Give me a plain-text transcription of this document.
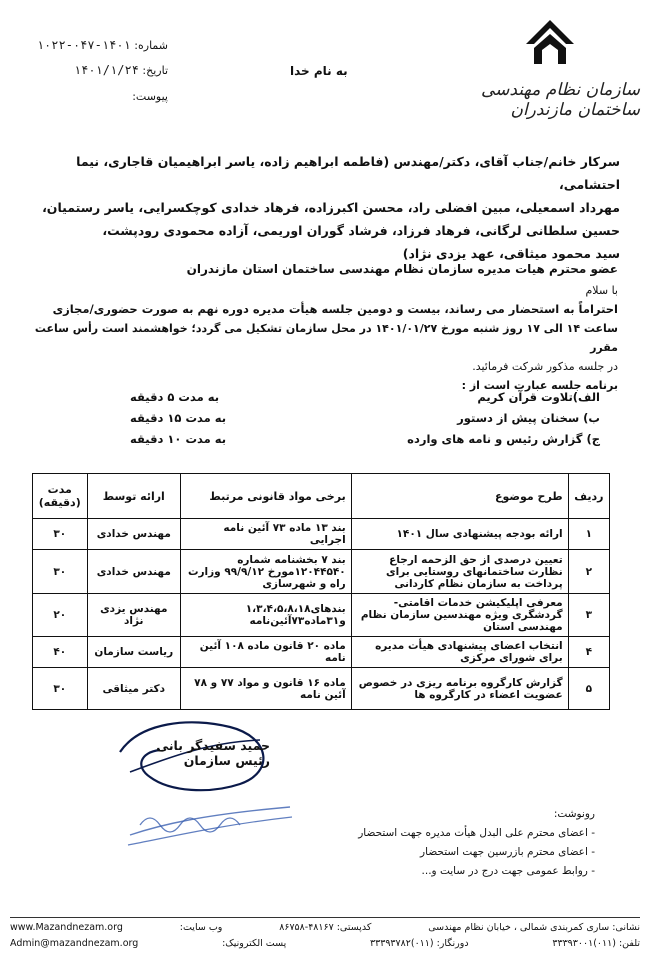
شماره: ۱۴۰۱-۰۴۷-۱۰۲۲
تاریخ: ۱۴۰۱/۱/۲۴
پیوست:
به نام خدا
سازمان نظام مهندسی ساختمان مازندران
سرکار خانم/جناب آقای، دکتر/مهندس (فاطمه ابراهیم زاده، یاسر ابراهیمیان قاجاری، نیما احتشامی،
مهرداد اسمعیلی، مبین افضلی راد، محسن اکبرزاده، فرهاد خدادی کوچکسرایی، یاسر رستمیان،
حسین سلطانی لرگانی، فرهاد فرزاد، فرشاد گوران اوریمی، آزاده محمودی رودپشت،
سید محمود میثاقی، عهد یزدی نژاد)
عضو محترم هیات مدیره سازمان نظام مهندسی ساختمان استان مازندران
با سلام
احتراماً به استحضار می رساند، بیست و دومین جلسه هیأت مدیره دوره نهم به صورت حضوری/مجازی
ساعت ۱۴ الی ۱۷ روز شنبه مورخ ۱۴۰۱/۰۱/۲۷ در محل سازمان تشکیل می گردد؛ خواهشمند است رأس ساعت مقرر
در جلسه مذکور شرکت فرمائید.
برنامه جلسه عبارت است از :
الف)تلاوت قرآن کریم
به مدت ۵ دقیقه
ب) سخنان پیش از دستور
به مدت ۱۵ دقیقه
ج) گزارش رئیس و نامه های وارده
به مدت ۱۰ دقیقه
ردیف	طرح موضوع	برخی مواد قانونی مرتبط	ارائه توسط	مدت (دقیقه)
۱	ارائه بودجه پیشنهادی سال ۱۴۰۱	بند ۱۳ ماده ۷۳ آئین نامه اجرایی	مهندس خدادی	۳۰
۲	تعیین درصدی از حق الزحمه ارجاع نظارت ساختمانهای روستایی برای پرداخت به سازمان نظام کاردانی	بند ۷ بخشنامه شماره ۱۲۰۴۴۵۴۰مورخ ۹۹/۹/۱۲ وزارت راه و شهرسازی	مهندس خدادی	۳۰
۳	معرفی اپلیکیشن خدمات اقامتی- گردشگری ویژه مهندسین سازمان نظام مهندسی استان	بندهای۱،۳،۴،۵،۸،۱۸ و۳۱ماده۷۳آئین‌نامه	مهندس یزدی نژاد	۲۰
۴	انتخاب اعضای پیشنهادی هیأت مدیره برای شورای مرکزی	ماده ۲۰ قانون ماده ۱۰۸ آئین نامه	ریاست سازمان	۴۰
۵	گزارش کارگروه برنامه ریزی در خصوص عضویت اعضاء در کارگروه ها	ماده ۱۶ قانون و مواد ۷۷ و ۷۸ آئین نامه	دکتر میثاقی	۳۰
حمید سفیدگر بانی
رئیس سازمان
رونوشت:
- اعضای محترم علی البدل هیأت مدیره جهت استحضار
- اعضای محترم بازرسین جهت استحضار
- روابط عمومی جهت درج در سایت و...
نشانی: ساری کمربندی شمالی ، خیابان نظام مهندسی
کدپستی: ۴۸۱۶۷-۸۶۷۵۸
وب سایت:
www.Mazandnezam.org
تلفن: (۰۱۱)۳۳۳۹۳۰۰۱
دورنگار: (۰۱۱)۳۳۳۹۳۷۸۲
پست الکترونیک:
Admin@mazandnezam.org
